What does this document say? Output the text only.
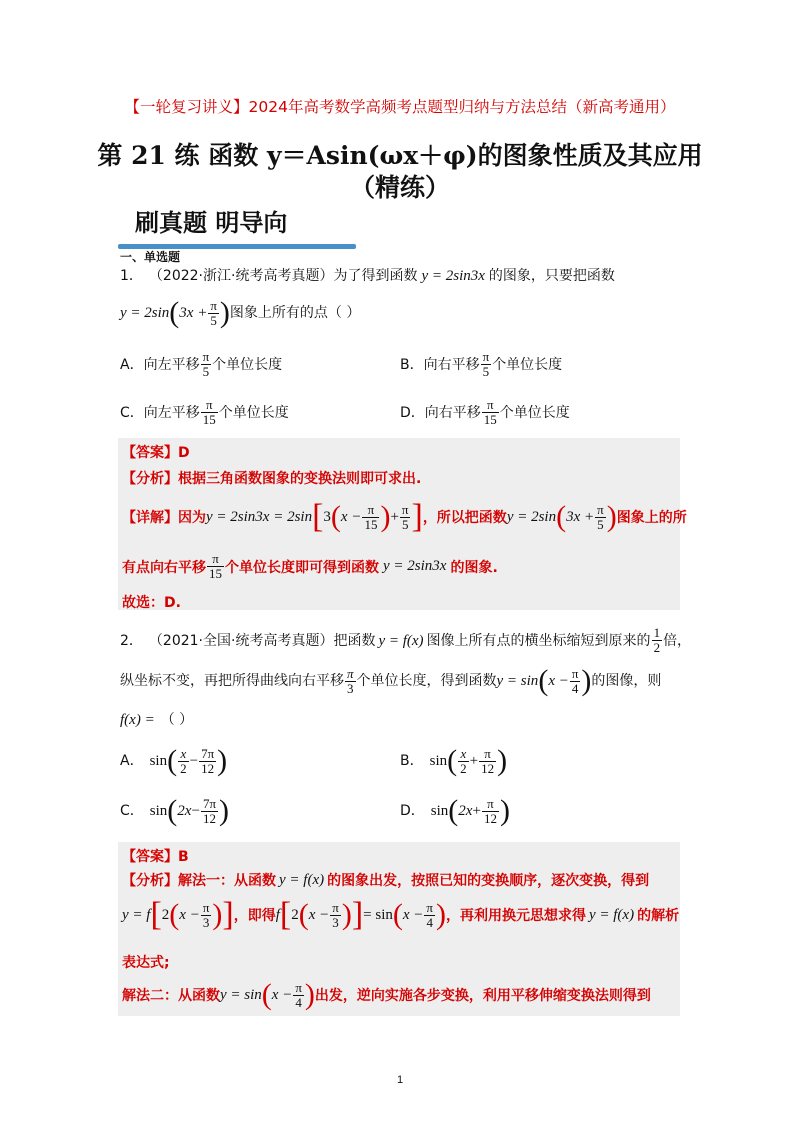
【一轮复习讲义】2024年高考数学高频考点题型归纳与方法总结（新高考通用）
第 21 练 函数 y＝Asin(ωx＋φ)的图象性质及其应用
（精练）
刷真题 明导向
一、单选题
1． （2022·浙江·统考高考真题）为了得到函数 y = 2sin3x 的图象，只要把函数
y = 2sin ( $3x + \frac{\pi}{5}$ ) 图象上所有的点（ ）
A．向左平移 $\frac{\pi}{5}$ 个单位长度	B．向右平移 $\frac{\pi}{5}$ 个单位长度
C．向左平移 $\frac{\pi}{15}$ 个单位长度	D．向右平移 $\frac{\pi}{15}$ 个单位长度
【答案】D
【分析】根据三角函数图象的变换法则即可求出.
【详解】因为 y = 2sin3x = 2sin [ 3 ( $x - \frac{\pi}{15}$ ) + $\frac{\pi}{5}$ ] ，所以把函数 y = 2sin ( $3x + \frac{\pi}{5}$ ) 图象上的所
有点向右平移 $\frac{\pi}{15}$ 个单位长度即可得到函数 y = 2sin3x 的图象.
故选：D.
2． （2021·全国·统考高考真题）把函数 y = f(x) 图像上所有点的横坐标缩短到原来的 $\frac{1}{2}$ 倍，
纵坐标不变，再把所得曲线向右平移 $\frac{\pi}{3}$ 个单位长度，得到函数 y = sin ( $x - \frac{\pi}{4}$ ) 的图像，则
f(x) = （ ）
A． sin ( $\frac{x}{2} - \frac{7\pi}{12}$ )	B． sin ( $\frac{x}{2} + \frac{\pi}{12}$ )
C． sin ( $2x - \frac{7\pi}{12}$ )	D． sin ( $2x + \frac{\pi}{12}$ )
【答案】B
【分析】解法一：从函数 y = f(x) 的图象出发，按照已知的变换顺序，逐次变换，得到
y = f [ 2 ( $x - \frac{\pi}{3}$ ) ] ，即得 f [ 2 ( $x - \frac{\pi}{3}$ ) ] = sin ( $x - \frac{\pi}{4}$ ) ，再利用换元思想求得 y = f(x) 的解析
表达式;
解法二：从函数 y = sin ( $x - \frac{\pi}{4}$ ) 出发，逆向实施各步变换，利用平移伸缩变换法则得到
1
